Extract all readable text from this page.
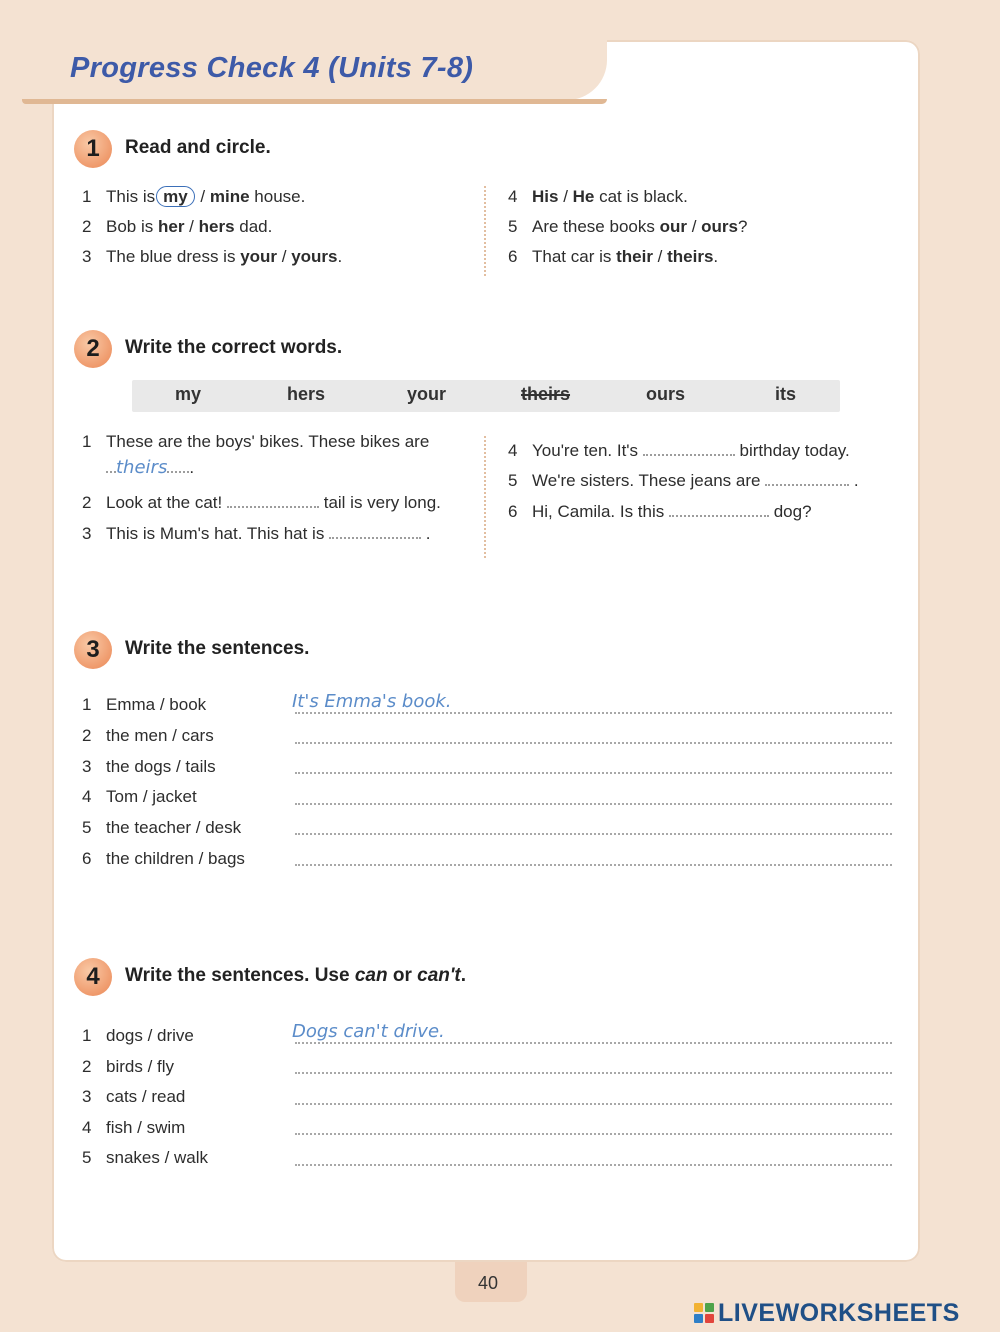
Progress Check 4 (Units 7-8)
1	Read and circle.
1 This is my / mine house.
2 Bob is her / hers dad.
3 The blue dress is your / yours.
4 His / He cat is black.
5 Are these books our / ours?
6 That car is their / theirs.
2	Write the correct words.
my	hers	your	theirs	ours	its
1 These are the boys' bikes. These bikes are
theirs .
2 Look at the cat!	tail is very long.
3 This is Mum's hat. This hat is	.
4 You're ten. It's	birthday today.
5 We're sisters. These jeans are	.
6 Hi, Camila. Is this	dog?
3	Write the sentences.
1 Emma / book	It's Emma's book.
2 the men / cars
3 the dogs / tails
4 Tom / jacket
5 the teacher / desk
6 the children / bags
4	Write the sentences. Use can or can't.
1 dogs / drive	Dogs can't drive.
2 birds / fly
3 cats / read
4 fish / swim
5 snakes / walk
40
LIVEWORKSHEETS
